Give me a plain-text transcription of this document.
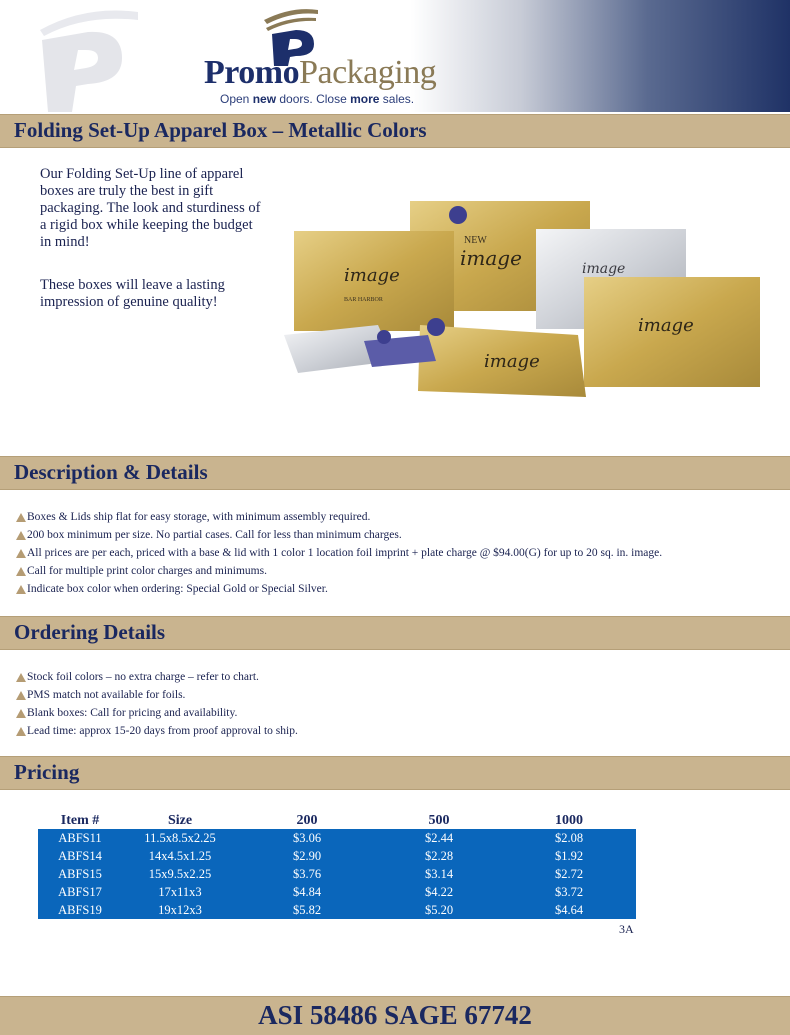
PromoPackaging
Open new doors. Close more sales.
Folding Set-Up Apparel Box – Metallic Colors

Our Folding Set-Up line of apparel boxes are truly the best in gift packaging. The look and sturdiness of a rigid box while keeping the budget in mind!

These boxes will leave a lasting impression of genuine quality!

NEW
image
image
BAR HARBOR
image
image
image
Description & Details
Boxes & Lids ship flat for easy storage, with minimum assembly required.
200 box minimum per size. No partial cases. Call for less than minimum charges.
All prices are per each, priced with a base & lid with 1 color 1 location foil imprint + plate charge @ $94.00(G) for up to 20 sq. in. image.
Call for multiple print color charges and minimums.
Indicate box color when ordering: Special Gold or Special Silver.
Ordering Details
Stock foil colors – no extra charge – refer to chart.
PMS match not available for foils.
Blank boxes: Call for pricing and availability.
Lead time: approx 15-20 days from proof approval to ship.
Pricing
Item #	Size	200	500	1000
ABFS11	11.5x8.5x2.25	$3.06	$2.44	$2.08
ABFS14	14x4.5x1.25	$2.90	$2.28	$1.92
ABFS15	15x9.5x2.25	$3.76	$3.14	$2.72
ABFS17	17x11x3	$4.84	$4.22	$3.72
ABFS19	19x12x3	$5.82	$5.20	$4.64
3A
ASI 58486 SAGE 67742
